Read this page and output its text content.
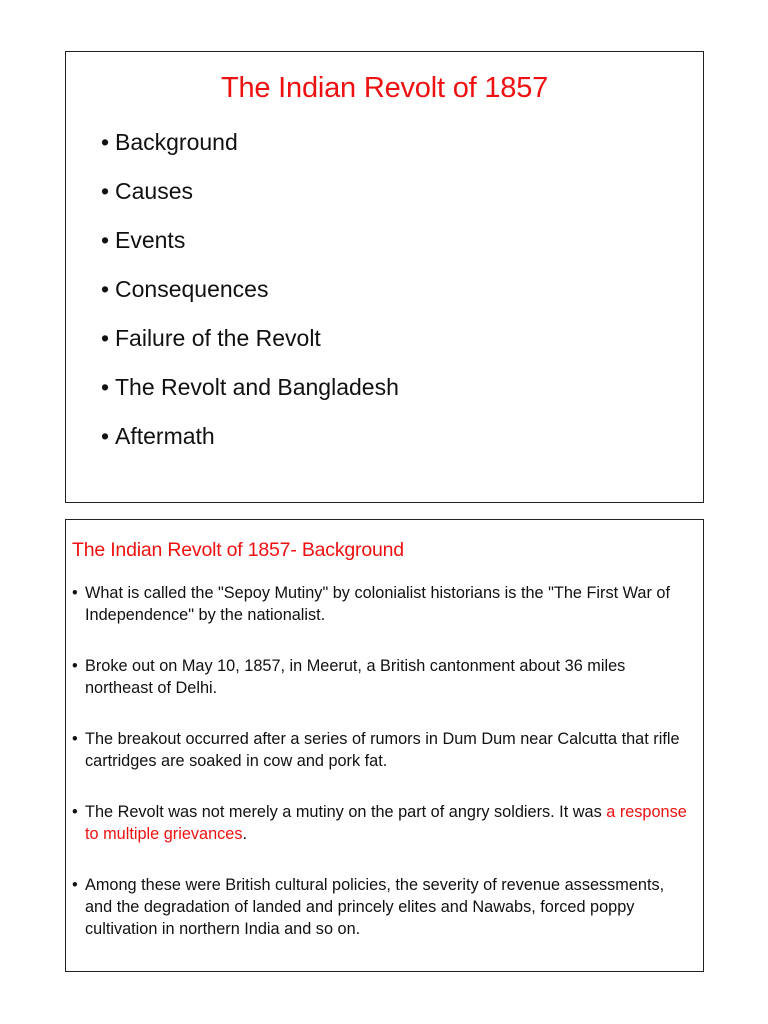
The Indian Revolt of 1857
• Background
• Causes
• Events
• Consequences
• Failure of the Revolt
• The Revolt and Bangladesh
• Aftermath
The Indian Revolt of 1857- Background
• What is called the "Sepoy Mutiny" by colonialist historians is the "The First War of Independence" by the nationalist.
• Broke out on May 10, 1857, in Meerut, a British cantonment about 36 miles northeast of Delhi.
• The breakout occurred after a series of rumors in Dum Dum near Calcutta that rifle cartridges are soaked in cow and pork fat.
• The Revolt was not merely a mutiny on the part of angry soldiers. It was a response to multiple grievances.
• Among these were British cultural policies, the severity of revenue assessments, and the degradation of landed and princely elites and Nawabs, forced poppy cultivation in northern India and so on.
